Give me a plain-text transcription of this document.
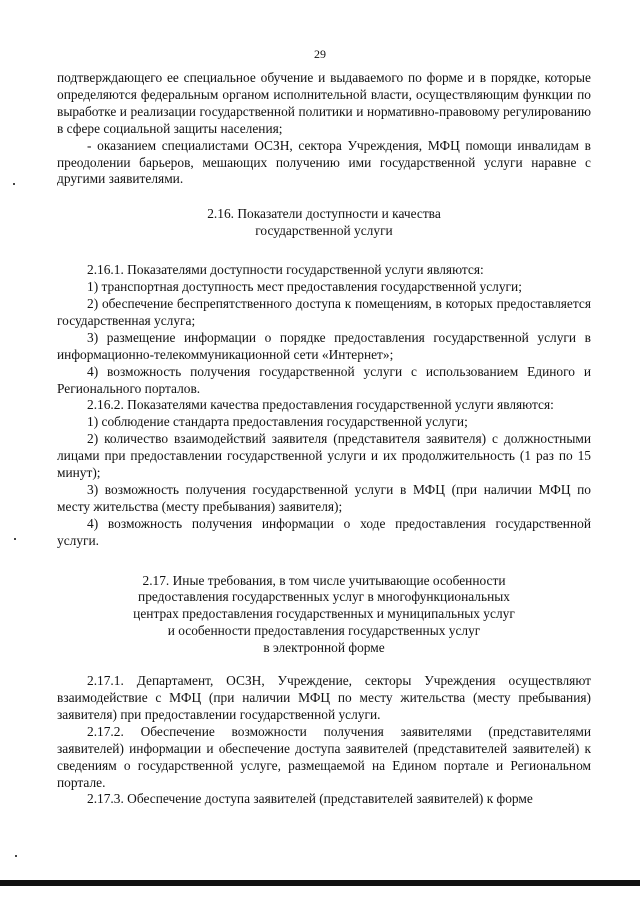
29

подтверждающего ее специальное обучение и выдаваемого по форме и в порядке, которые определяются федеральным органом исполнительной власти, осуществляющим функции по выработке и реализации государственной политики и нормативно-правовому регулированию в сфере социальной защиты населения;

- оказанием специалистами ОСЗН, сектора Учреждения, МФЦ помощи инвалидам в преодолении барьеров, мешающих получению ими государственной услуги наравне с другими заявителями.

2.16. Показатели доступности и качества

государственной услуги

2.16.1. Показателями доступности государственной услуги являются:

1) транспортная доступность мест предоставления государственной услуги;

2) обеспечение беспрепятственного доступа к помещениям, в которых предоставляется государственная услуга;

3) размещение информации о порядке предоставления государственной услуги в информационно-телекоммуникационной сети «Интернет»;

4) возможность получения государственной услуги с использованием Единого и Регионального порталов.

2.16.2. Показателями качества предоставления государственной услуги являются:

1) соблюдение стандарта предоставления государственной услуги;

2) количество взаимодействий заявителя (представителя заявителя) с должностными лицами при предоставлении государственной услуги и их продолжительность (1 раз по 15 минут);

3) возможность получения государственной услуги в МФЦ (при наличии МФЦ по месту жительства (месту пребывания) заявителя);

4) возможность получения информации о ходе предоставления государственной услуги.

2.17. Иные требования, в том числе учитывающие особенности

предоставления государственных услуг в многофункциональных

центрах предоставления государственных и муниципальных услуг

и особенности предоставления государственных услуг

в электронной форме

2.17.1. Департамент, ОСЗН, Учреждение, секторы Учреждения осуществляют взаимодействие с МФЦ (при наличии МФЦ по месту жительства (месту пребывания) заявителя) при предоставлении государственной услуги.

2.17.2. Обеспечение возможности получения заявителями (представителями заявителей) информации и обеспечение доступа заявителей (представителей заявителей) к сведениям о государственной услуге, размещаемой на Едином портале и Региональном портале.

2.17.3. Обеспечение доступа заявителей (представителей заявителей) к форме
